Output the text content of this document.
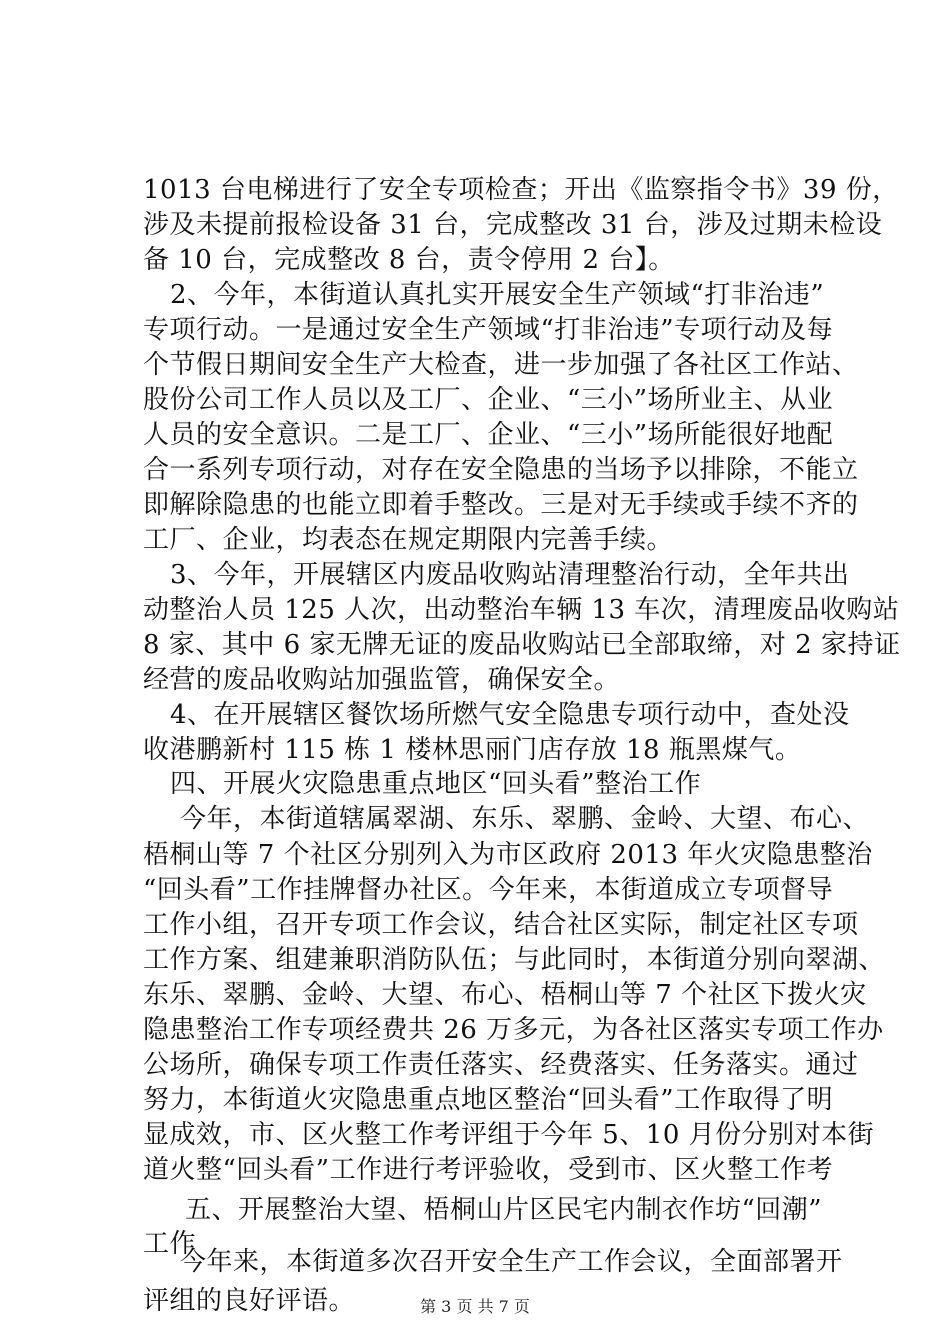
1013 台电梯进行了安全专项检查；开出《监察指令书》39 份，
涉及未提前报检设备 31 台，完成整改 31 台，涉及过期未检设
备 10 台，完成整改 8 台，责令停用 2 台】。
2、今年，本街道认真扎实开展安全生产领域“打非治违”
专项行动。一是通过安全生产领域“打非治违”专项行动及每
个节假日期间安全生产大检查，进一步加强了各社区工作站、
股份公司工作人员以及工厂、企业、“三小”场所业主、从业
人员的安全意识。二是工厂、企业、“三小”场所能很好地配
合一系列专项行动，对存在安全隐患的当场予以排除，不能立
即解除隐患的也能立即着手整改。三是对无手续或手续不齐的
工厂、企业，均表态在规定期限内完善手续。
3、今年，开展辖区内废品收购站清理整治行动，全年共出
动整治人员 125 人次，出动整治车辆 13 车次，清理废品收购站
8 家、其中 6 家无牌无证的废品收购站已全部取缔，对 2 家持证
经营的废品收购站加强监管，确保安全。
4、在开展辖区餐饮场所燃气安全隐患专项行动中，查处没
收港鹏新村 115 栋 1 楼林思丽门店存放 18 瓶黑煤气。
四、开展火灾隐患重点地区“回头看”整治工作
今年，本街道辖属翠湖、东乐、翠鹏、金岭、大望、布心、
梧桐山等 7 个社区分别列入为市区政府 2013 年火灾隐患整治
“回头看”工作挂牌督办社区。今年来，本街道成立专项督导
工作小组，召开专项工作会议，结合社区实际，制定社区专项
工作方案、组建兼职消防队伍；与此同时，本街道分别向翠湖、
东乐、翠鹏、金岭、大望、布心、梧桐山等 7 个社区下拨火灾
隐患整治工作专项经费共 26 万多元，为各社区落实专项工作办
公场所，确保专项工作责任落实、经费落实、任务落实。通过
努力，本街道火灾隐患重点地区整治“回头看”工作取得了明
显成效，市、区火整工作考评组于今年 5、10 月份分别对本街
道火整“回头看”工作进行考评验收，受到市、区火整工作考
评组的良好评语。
五、开展整治大望、梧桐山片区民宅内制衣作坊“回潮”
工作
今年来，本街道多次召开安全生产工作会议，全面部署开
第 3 页 共 7 页
